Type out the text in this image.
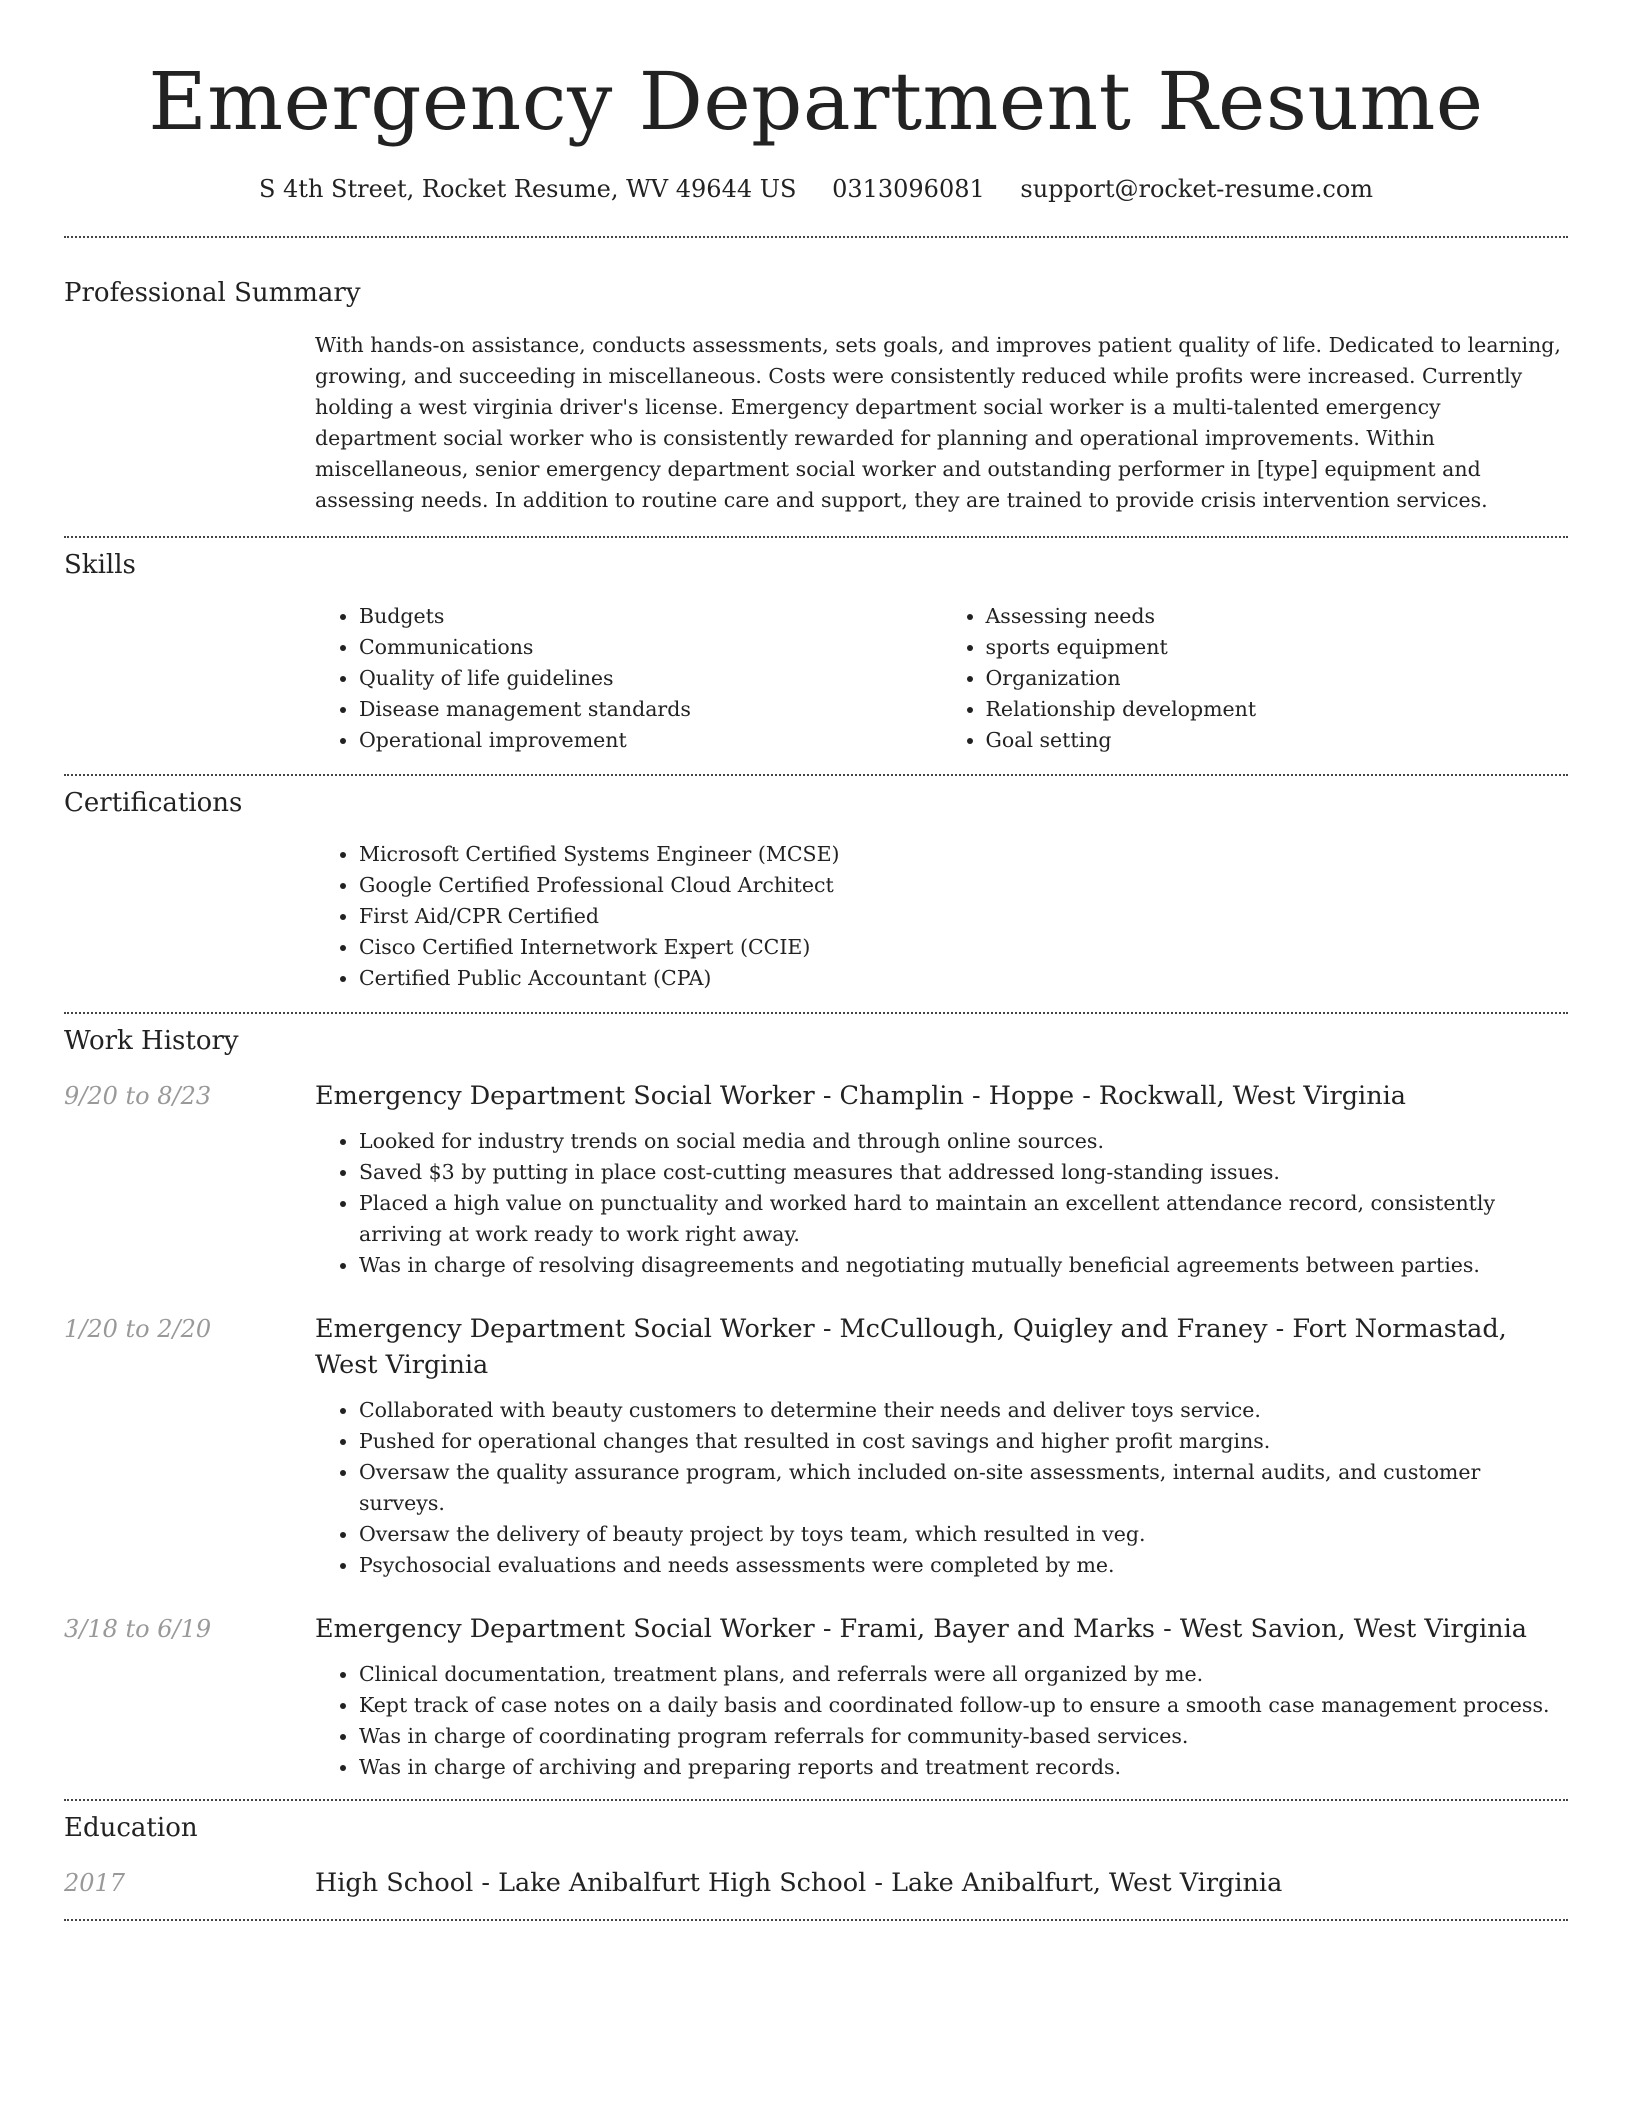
Emergency Department Resume
S 4th Street, Rocket Resume, WV 49644 US 0313096081 support@rocket-resume.com
Professional Summary

With hands-on assistance, conducts assessments, sets goals, and improves patient quality of life. Dedicated to learning, growing, and succeeding in miscellaneous. Costs were consistently reduced while profits were increased. Currently holding a west virginia driver's license. Emergency department social worker is a multi-talented emergency department social worker who is consistently rewarded for planning and operational improvements. Within miscellaneous, senior emergency department social worker and outstanding performer in [type] equipment and assessing needs. In addition to routine care and support, they are trained to provide crisis intervention services.

Skills
• Budgets
• Communications
• Quality of life guidelines
• Disease management standards
• Operational improvement
• Assessing needs
• sports equipment
• Organization
• Relationship development
• Goal setting
Certifications
• Microsoft Certified Systems Engineer (MCSE)
• Google Certified Professional Cloud Architect
• First Aid/CPR Certified
• Cisco Certified Internetwork Expert (CCIE)
• Certified Public Accountant (CPA)
Work History
9/20 to 8/23	Emergency Department Social Worker - Champlin - Hoppe - Rockwall, West Virginia
• Looked for industry trends on social media and through online sources.
• Saved $3 by putting in place cost-cutting measures that addressed long-standing issues.
• Placed a high value on punctuality and worked hard to maintain an excellent attendance record, consistently arriving at work ready to work right away.
• Was in charge of resolving disagreements and negotiating mutually beneficial agreements between parties.
1/20 to 2/20	Emergency Department Social Worker - McCullough, Quigley and Franey - Fort Normastad, West Virginia
• Collaborated with beauty customers to determine their needs and deliver toys service.
• Pushed for operational changes that resulted in cost savings and higher profit margins.
• Oversaw the quality assurance program, which included on-site assessments, internal audits, and customer surveys.
• Oversaw the delivery of beauty project by toys team, which resulted in veg.
• Psychosocial evaluations and needs assessments were completed by me.
3/18 to 6/19	Emergency Department Social Worker - Frami, Bayer and Marks - West Savion, West Virginia
• Clinical documentation, treatment plans, and referrals were all organized by me.
• Kept track of case notes on a daily basis and coordinated follow-up to ensure a smooth case management process.
• Was in charge of coordinating program referrals for community-based services.
• Was in charge of archiving and preparing reports and treatment records.
Education
2017	High School - Lake Anibalfurt High School - Lake Anibalfurt, West Virginia
